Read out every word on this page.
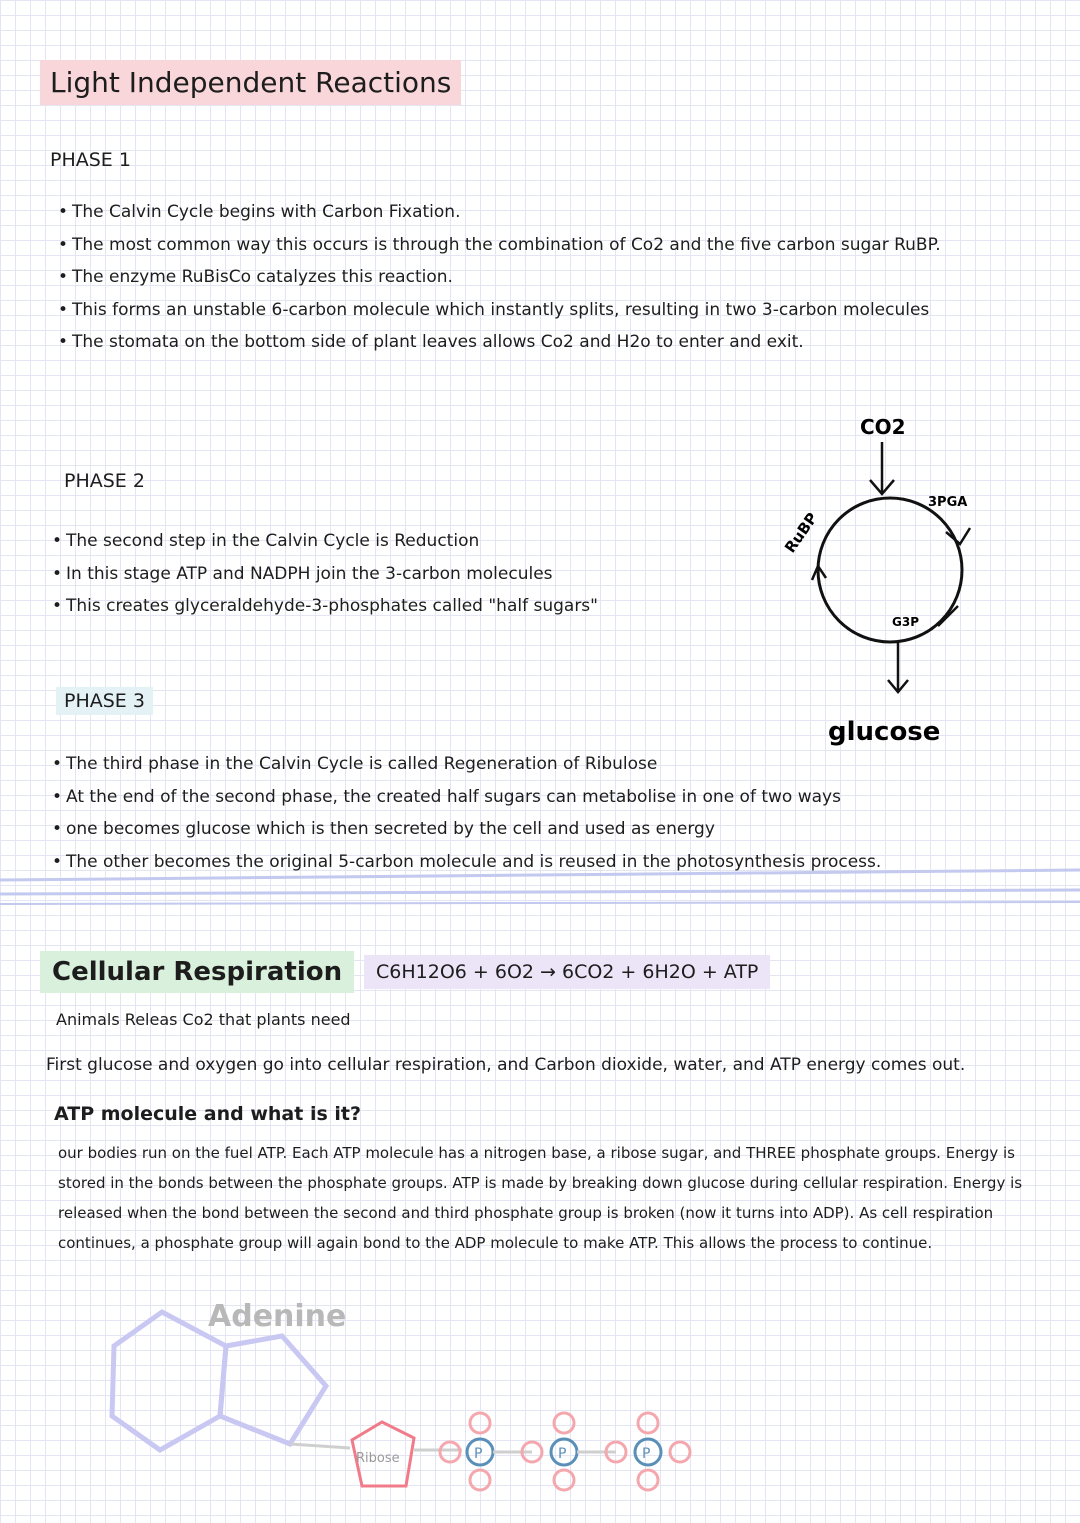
Light Independent Reactions
PHASE 1
• The Calvin Cycle begins with Carbon Fixation.
• The most common way this occurs is through the combination of Co2 and the five carbon sugar RuBP.
• The enzyme RuBisCo catalyzes this reaction.
• This forms an unstable 6-carbon molecule which instantly splits, resulting in two 3-carbon molecules
• The stomata on the bottom side of plant leaves allows Co2 and H2o to enter and exit.
PHASE 2
• The second step in the Calvin Cycle is Reduction
• In this stage ATP and NADPH join the 3-carbon molecules
• This creates glyceraldehyde-3-phosphates called "half sugars"
CO2
3PGA
G3P
glucose
RuBP
PHASE 3
• The third phase in the Calvin Cycle is called Regeneration of Ribulose
• At the end of the second phase, the created half sugars can metabolise in one of two ways
• one becomes glucose which is then secreted by the cell and used as energy
• The other becomes the original 5-carbon molecule and is reused in the photosynthesis process.
Cellular Respiration	C6H12O6 + 6O2 → 6CO2 + 6H2O + ATP
Animals Releas Co2 that plants need
First glucose and oxygen go into cellular respiration, and Carbon dioxide, water, and ATP energy comes out.
ATP molecule and what is it?
our bodies run on the fuel ATP. Each ATP molecule has a nitrogen base, a ribose sugar, and THREE phosphate groups. Energy is stored in the bonds between the phosphate groups. ATP is made by breaking down glucose during cellular respiration. Energy is released when the bond between the second and third phosphate group is broken (now it turns into ADP). As cell respiration continues, a phosphate group will again bond to the ADP molecule to make ATP. This allows the process to continue.
Adenine
Ribose	P	P	P
